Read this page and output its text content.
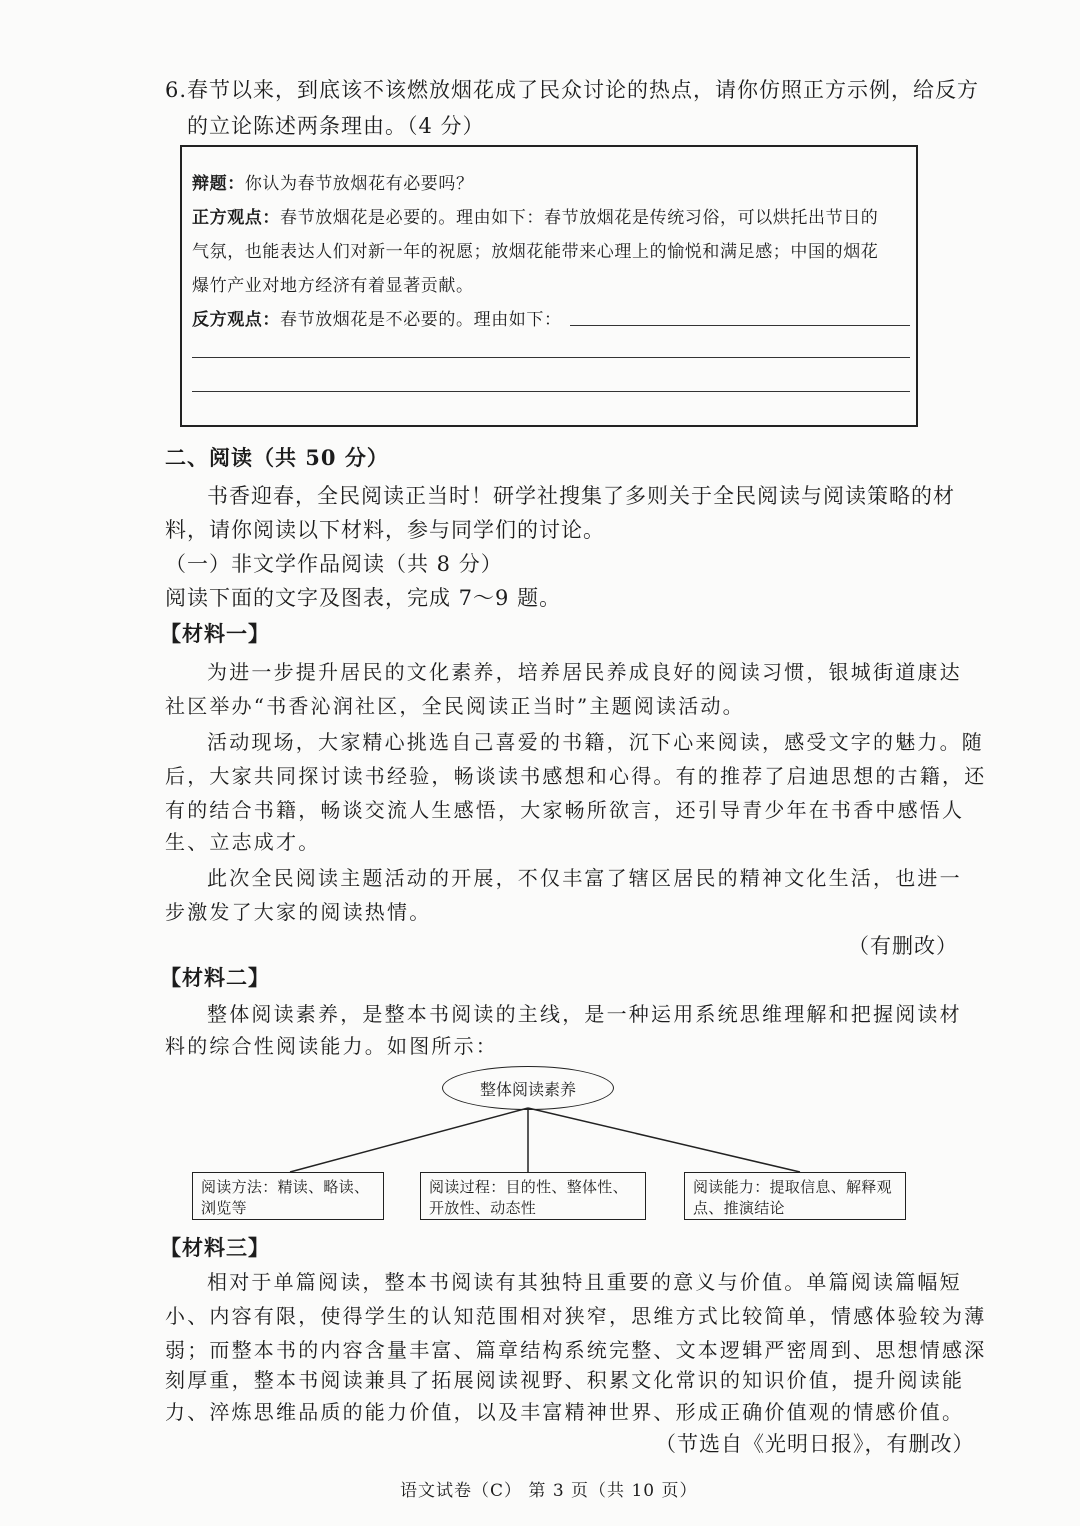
6.春节以来，到底该不该燃放烟花成了民众讨论的热点，请你仿照正方示例，给反方
的立论陈述两条理由。（4 分）
辩题：你认为春节放烟花有必要吗？
正方观点：春节放烟花是必要的。理由如下：春节放烟花是传统习俗，可以烘托出节日的
气氛，也能表达人们对新一年的祝愿；放烟花能带来心理上的愉悦和满足感；中国的烟花
爆竹产业对地方经济有着显著贡献。
反方观点：春节放烟花是不必要的。理由如下：
二、阅读（共 50 分）
书香迎春，全民阅读正当时！研学社搜集了多则关于全民阅读与阅读策略的材
料，请你阅读以下材料，参与同学们的讨论。
（一）非文学作品阅读（共 8 分）
阅读下面的文字及图表，完成 7～9 题。
【材料一】
为进一步提升居民的文化素养，培养居民养成良好的阅读习惯，银城街道康达
社区举办“书香沁润社区，全民阅读正当时”主题阅读活动。
活动现场，大家精心挑选自己喜爱的书籍，沉下心来阅读，感受文字的魅力。随
后，大家共同探讨读书经验，畅谈读书感想和心得。有的推荐了启迪思想的古籍，还
有的结合书籍，畅谈交流人生感悟，大家畅所欲言，还引导青少年在书香中感悟人
生、立志成才。
此次全民阅读主题活动的开展，不仅丰富了辖区居民的精神文化生活，也进一
步激发了大家的阅读热情。
（有删改）
【材料二】
整体阅读素养，是整本书阅读的主线，是一种运用系统思维理解和把握阅读材
料的综合性阅读能力。如图所示：
整体阅读素养
阅读方法：精读、略读、浏览等
阅读过程：目的性、整体性、开放性、动态性
阅读能力：提取信息、解释观点、推演结论
【材料三】
相对于单篇阅读，整本书阅读有其独特且重要的意义与价值。单篇阅读篇幅短
小、内容有限，使得学生的认知范围相对狭窄，思维方式比较简单，情感体验较为薄
弱；而整本书的内容含量丰富、篇章结构系统完整、文本逻辑严密周到、思想情感深
刻厚重，整本书阅读兼具了拓展阅读视野、积累文化常识的知识价值，提升阅读能
力、淬炼思维品质的能力价值，以及丰富精神世界、形成正确价值观的情感价值。
（节选自《光明日报》，有删改）
语文试卷（C） 第 3 页（共 10 页）
